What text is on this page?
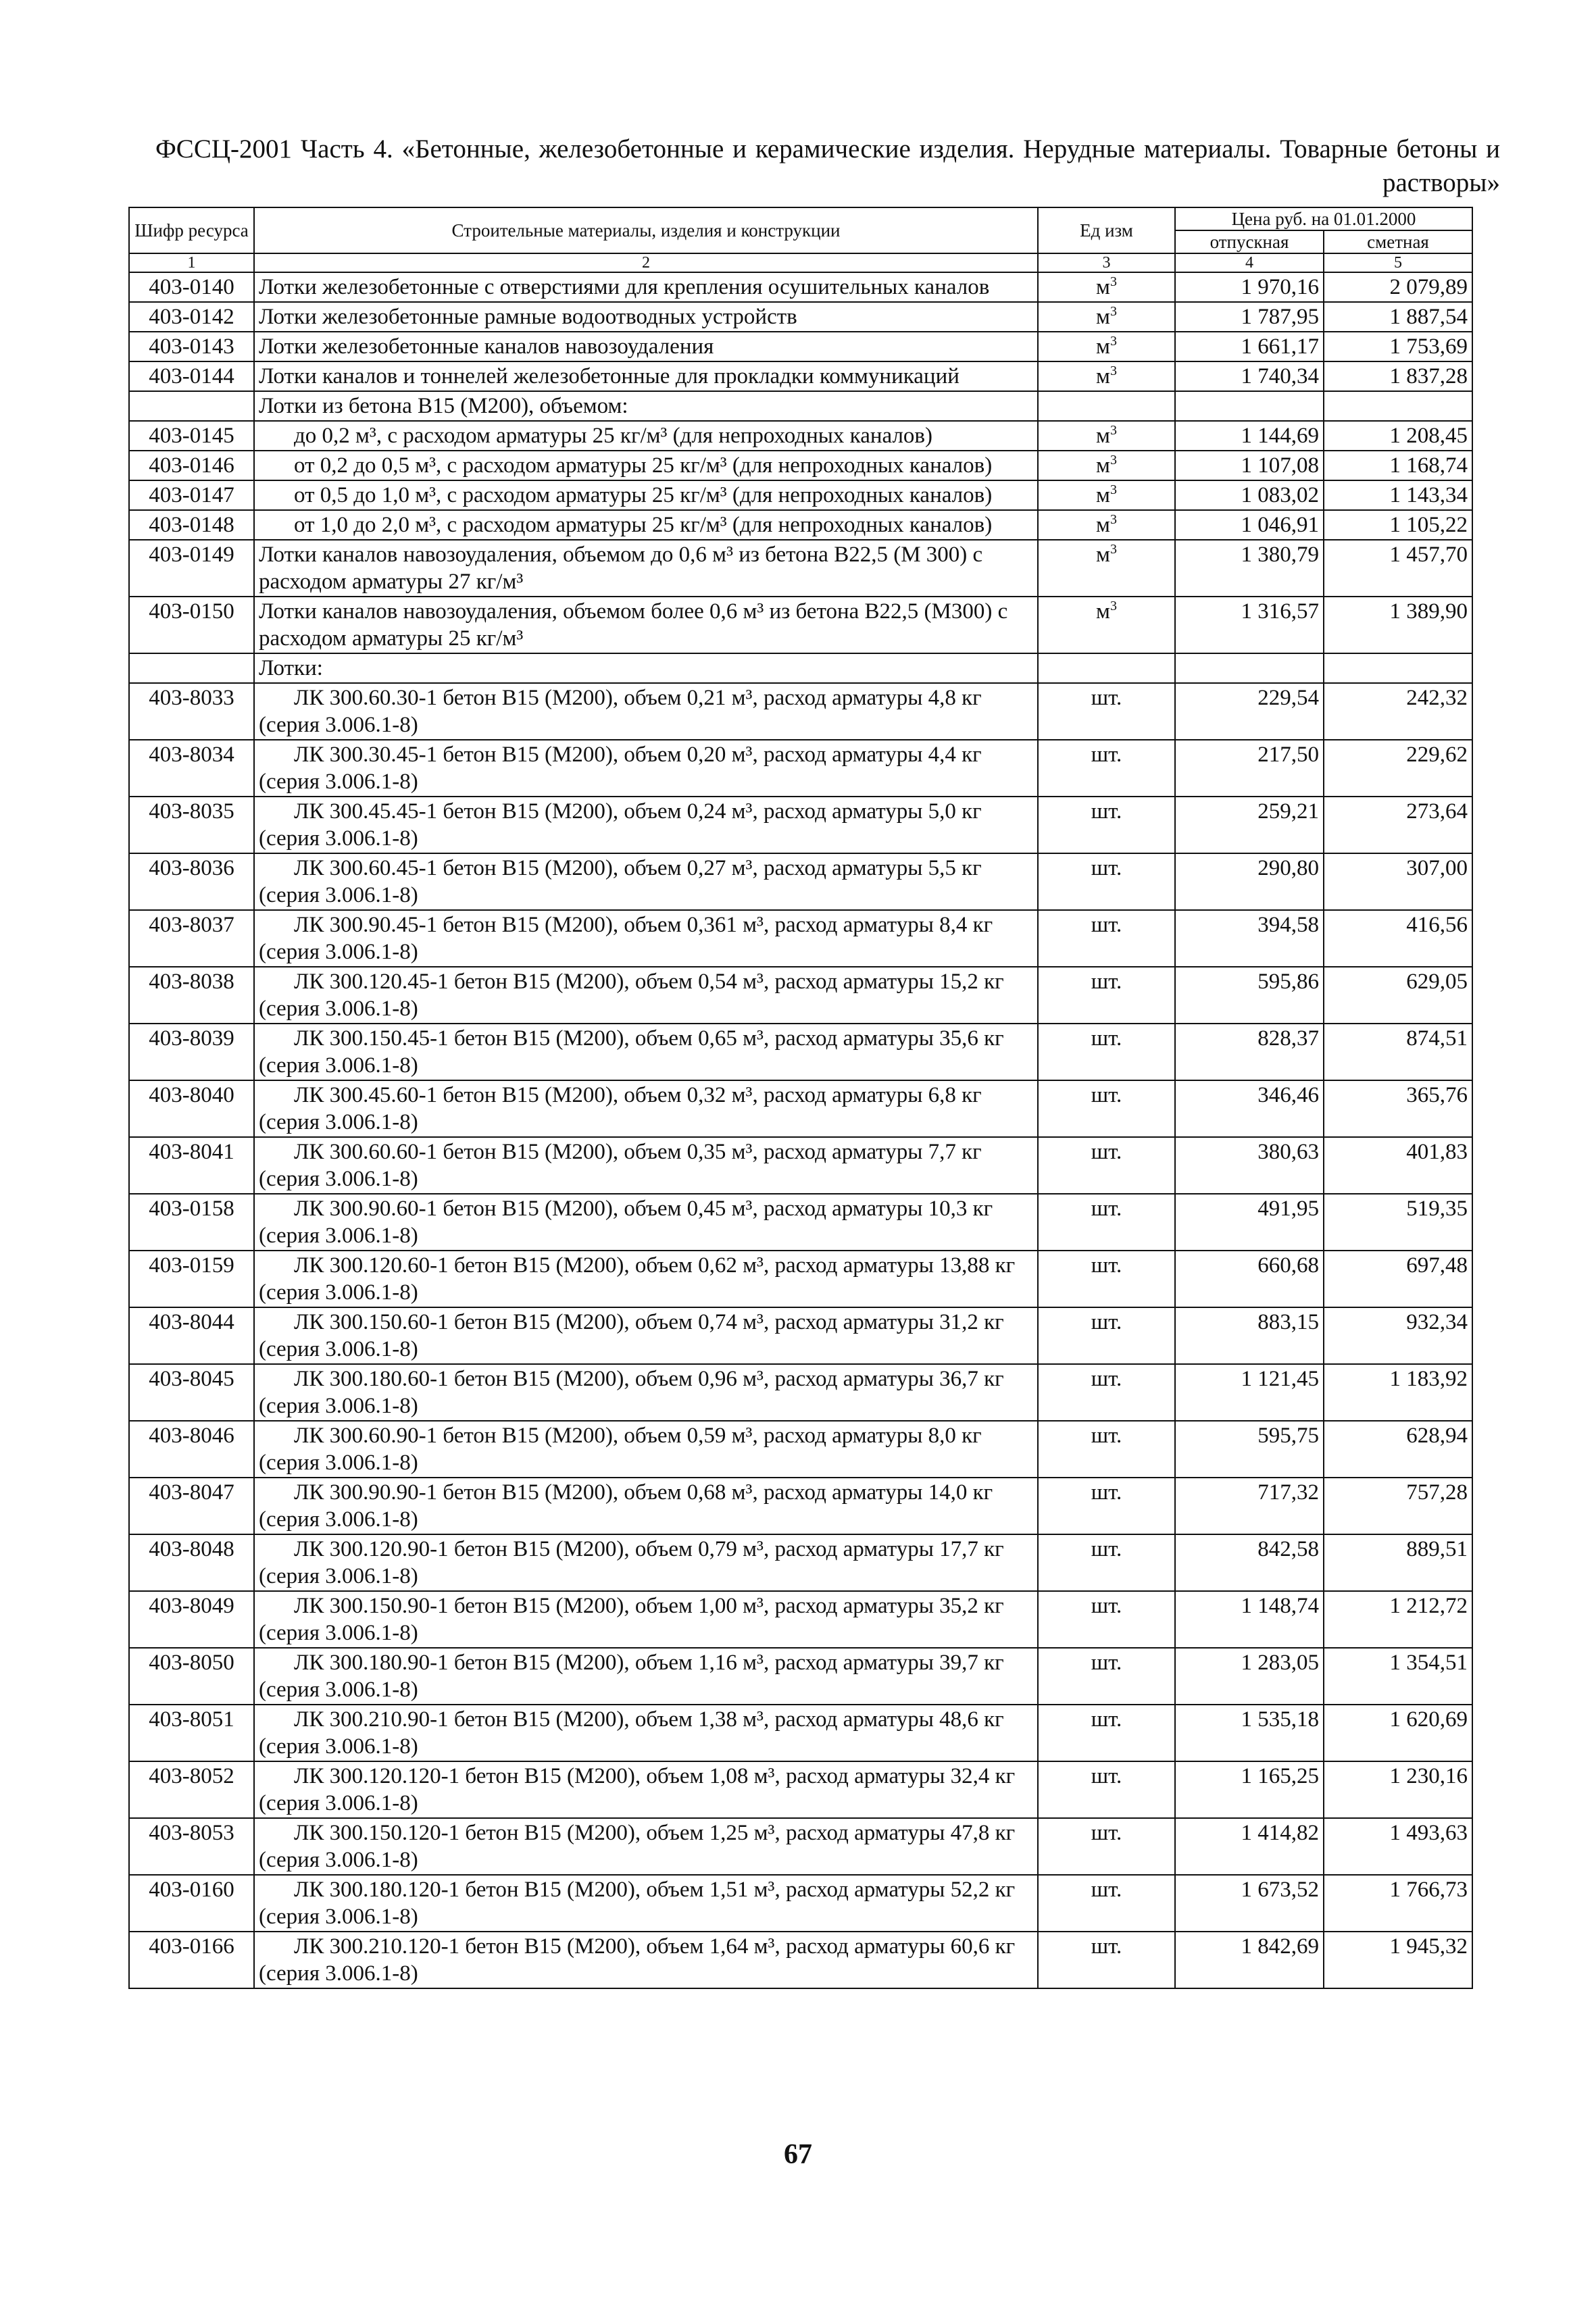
ФССЦ-2001 Часть 4. «Бетонные, железобетонные и керамические изделия. Нерудные материалы. Товарные бетоны и растворы»
Шифр ресурса	Строительные материалы, изделия и конструкции	Ед изм	Цена руб. на 01.01.2000	
			отпускная	сметная
1	2	3	4	5
403-0140	Лотки железобетонные с отверстиями для крепления осушительных каналов	$м^3$	1 970,16	2 079,89
403-0142	Лотки железобетонные рамные водоотводных устройств	$м^3$	1 787,95	1 887,54
403-0143	Лотки железобетонные каналов навозоудаления	$м^3$	1 661,17	1 753,69
403-0144	Лотки каналов и тоннелей железобетонные для прокладки коммуникаций	$м^3$	1 740,34	1 837,28
	Лотки из бетона В15 (М200), объемом:			
403-0145	до 0,2 м³, с расходом арматуры 25 кг/м³ (для непроходных каналов)	$м^3$	1 144,69	1 208,45
403-0146	от 0,2 до 0,5 м³, с расходом арматуры 25 кг/м³ (для непроходных каналов)	$м^3$	1 107,08	1 168,74
403-0147	от 0,5 до 1,0 м³, с расходом арматуры 25 кг/м³ (для непроходных каналов)	$м^3$	1 083,02	1 143,34
403-0148	от 1,0 до 2,0 м³, с расходом арматуры 25 кг/м³ (для непроходных каналов)	$м^3$	1 046,91	1 105,22
403-0149	Лотки каналов навозоудаления, объемом до 0,6 м³ из бетона В22,5 (М 300) с расходом арматуры 27 кг/м³	$м^3$	1 380,79	1 457,70
403-0150	Лотки каналов навозоудаления, объемом более 0,6 м³ из бетона В22,5 (М300) с расходом арматуры 25 кг/м³	$м^3$	1 316,57	1 389,90
	Лотки:			
403-8033	ЛК 300.60.30-1 бетон В15 (М200), объем 0,21 м³, расход арматуры 4,8 кг (серия 3.006.1-8)	шт.	229,54	242,32
403-8034	ЛК 300.30.45-1 бетон В15 (М200), объем 0,20 м³, расход арматуры 4,4 кг (серия 3.006.1-8)	шт.	217,50	229,62
403-8035	ЛК 300.45.45-1 бетон В15 (М200), объем 0,24 м³, расход арматуры 5,0 кг (серия 3.006.1-8)	шт.	259,21	273,64
403-8036	ЛК 300.60.45-1 бетон В15 (М200), объем 0,27 м³, расход арматуры 5,5 кг (серия 3.006.1-8)	шт.	290,80	307,00
403-8037	ЛК 300.90.45-1 бетон В15 (М200), объем 0,361 м³, расход арматуры 8,4 кг (серия 3.006.1-8)	шт.	394,58	416,56
403-8038	ЛК 300.120.45-1 бетон В15 (М200), объем 0,54 м³, расход арматуры 15,2 кг (серия 3.006.1-8)	шт.	595,86	629,05
403-8039	ЛК 300.150.45-1 бетон В15 (М200), объем 0,65 м³, расход арматуры 35,6 кг (серия 3.006.1-8)	шт.	828,37	874,51
403-8040	ЛК 300.45.60-1 бетон В15 (М200), объем 0,32 м³, расход арматуры 6,8 кг (серия 3.006.1-8)	шт.	346,46	365,76
403-8041	ЛК 300.60.60-1 бетон В15 (М200), объем 0,35 м³, расход арматуры 7,7 кг (серия 3.006.1-8)	шт.	380,63	401,83
403-0158	ЛК 300.90.60-1 бетон В15 (М200), объем 0,45 м³, расход арматуры 10,3 кг (серия 3.006.1-8)	шт.	491,95	519,35
403-0159	ЛК 300.120.60-1 бетон В15 (М200), объем 0,62 м³, расход арматуры 13,88 кг (серия 3.006.1-8)	шт.	660,68	697,48
403-8044	ЛК 300.150.60-1 бетон В15 (М200), объем 0,74 м³, расход арматуры 31,2 кг (серия 3.006.1-8)	шт.	883,15	932,34
403-8045	ЛК 300.180.60-1 бетон В15 (М200), объем 0,96 м³, расход арматуры 36,7 кг (серия 3.006.1-8)	шт.	1 121,45	1 183,92
403-8046	ЛК 300.60.90-1 бетон В15 (М200), объем 0,59 м³, расход арматуры 8,0 кг (серия 3.006.1-8)	шт.	595,75	628,94
403-8047	ЛК 300.90.90-1 бетон В15 (М200), объем 0,68 м³, расход арматуры 14,0 кг (серия 3.006.1-8)	шт.	717,32	757,28
403-8048	ЛК 300.120.90-1 бетон В15 (М200), объем 0,79 м³, расход арматуры 17,7 кг (серия 3.006.1-8)	шт.	842,58	889,51
403-8049	ЛК 300.150.90-1 бетон В15 (М200), объем 1,00 м³, расход арматуры 35,2 кг (серия 3.006.1-8)	шт.	1 148,74	1 212,72
403-8050	ЛК 300.180.90-1 бетон В15 (М200), объем 1,16 м³, расход арматуры 39,7 кг (серия 3.006.1-8)	шт.	1 283,05	1 354,51
403-8051	ЛК 300.210.90-1 бетон В15 (М200), объем 1,38 м³, расход арматуры 48,6 кг (серия 3.006.1-8)	шт.	1 535,18	1 620,69
403-8052	ЛК 300.120.120-1 бетон В15 (М200), объем 1,08 м³, расход арматуры 32,4 кг (серия 3.006.1-8)	шт.	1 165,25	1 230,16
403-8053	ЛК 300.150.120-1 бетон В15 (М200), объем 1,25 м³, расход арматуры 47,8 кг (серия 3.006.1-8)	шт.	1 414,82	1 493,63
403-0160	ЛК 300.180.120-1 бетон В15 (М200), объем 1,51 м³, расход арматуры 52,2 кг (серия 3.006.1-8)	шт.	1 673,52	1 766,73
403-0166	ЛК 300.210.120-1 бетон В15 (М200), объем 1,64 м³, расход арматуры 60,6 кг (серия 3.006.1-8)	шт.	1 842,69	1 945,32
67
